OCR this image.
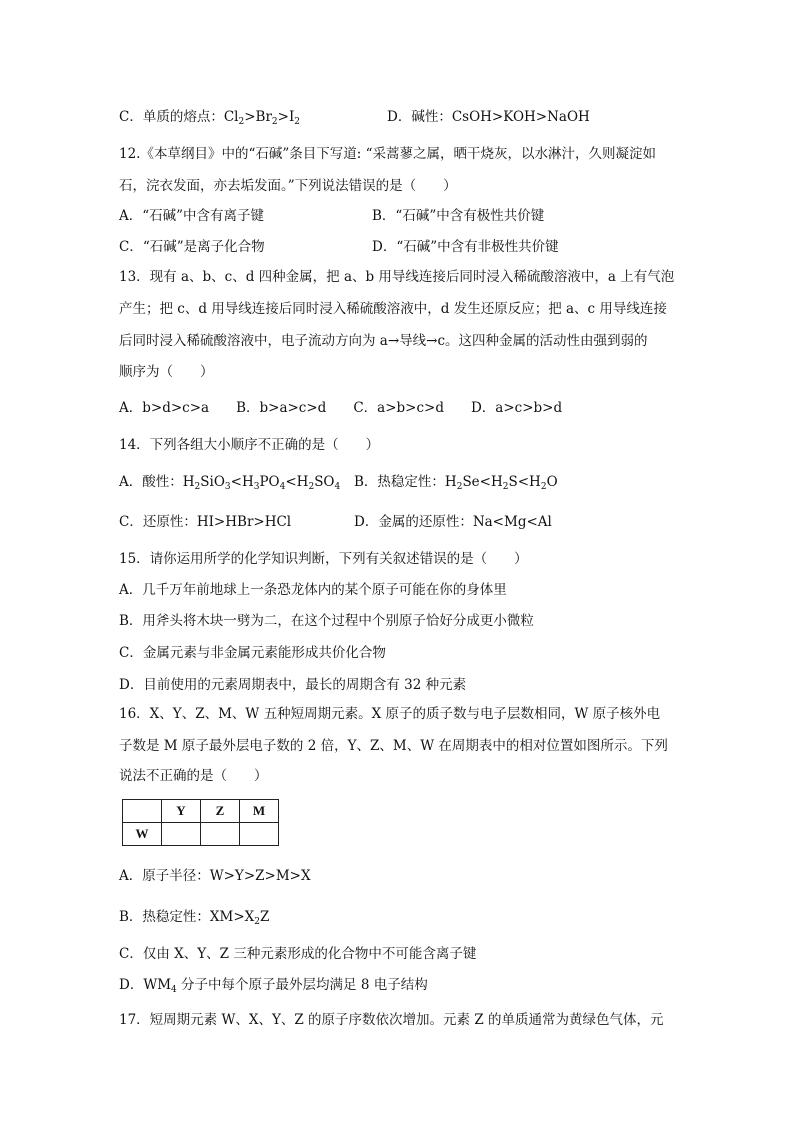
C．单质的熔点：$Cl_2>Br_2>I_2$	D．碱性：CsOH>KOH>NaOH
12.《本草纲目》中的“石碱”条目下写道: “采蒿蓼之属，晒干烧灰，以水淋汁，久则凝淀如
石，浣衣发面，亦去垢发面。”下列说法错误的是（　　）
A．“石碱”中含有离子键	B．“石碱”中含有极性共价键
C．“石碱”是离子化合物	D．“石碱”中含有非极性共价键
13．现有 a、b、c、d 四种金属，把 a、b 用导线连接后同时浸入稀硫酸溶液中，a 上有气泡
产生；把 c、d 用导线连接后同时浸入稀硫酸溶液中，d 发生还原反应；把 a、c 用导线连接
后同时浸入稀硫酸溶液中，电子流动方向为 a→导线→c。这四种金属的活动性由强到弱的
顺序为（　　）
A．b>d>c>a　　B．b>a>c>d　　C．a>b>c>d　　D．a>c>b>d
14．下列各组大小顺序不正确的是（　　）
A．酸性：$H_2SiO_3<H_3PO_4<H_2SO_4$ B．热稳定性：$H_2Se<H_2S<H_2O$
C．还原性：HI>HBr>HCl	D．金属的还原性：Na<Mg<Al
15．请你运用所学的化学知识判断，下列有关叙述错误的是（　　）
A．几千万年前地球上一条恐龙体内的某个原子可能在你的身体里
B．用斧头将木块一劈为二，在这个过程中个别原子恰好分成更小微粒
C．金属元素与非金属元素能形成共价化合物
D．目前使用的元素周期表中，最长的周期含有 32 种元素
16．X、Y、Z、M、W 五种短周期元素。X 原子的质子数与电子层数相同，W 原子核外电
子数是 M 原子最外层电子数的 2 倍，Y、Z、M、W 在周期表中的相对位置如图所示。下列
说法不正确的是（　　）
	Y	Z	M
W			
A．原子半径：W>Y>Z>M>X
B．热稳定性：$XM>X_2Z$
C．仅由 X、Y、Z 三种元素形成的化合物中不可能含离子键
D．$WM_4$ 分子中每个原子最外层均满足 8 电子结构
17．短周期元素 W、X、Y、Z 的原子序数依次增加。元素 Z 的单质通常为黄绿色气体，元
